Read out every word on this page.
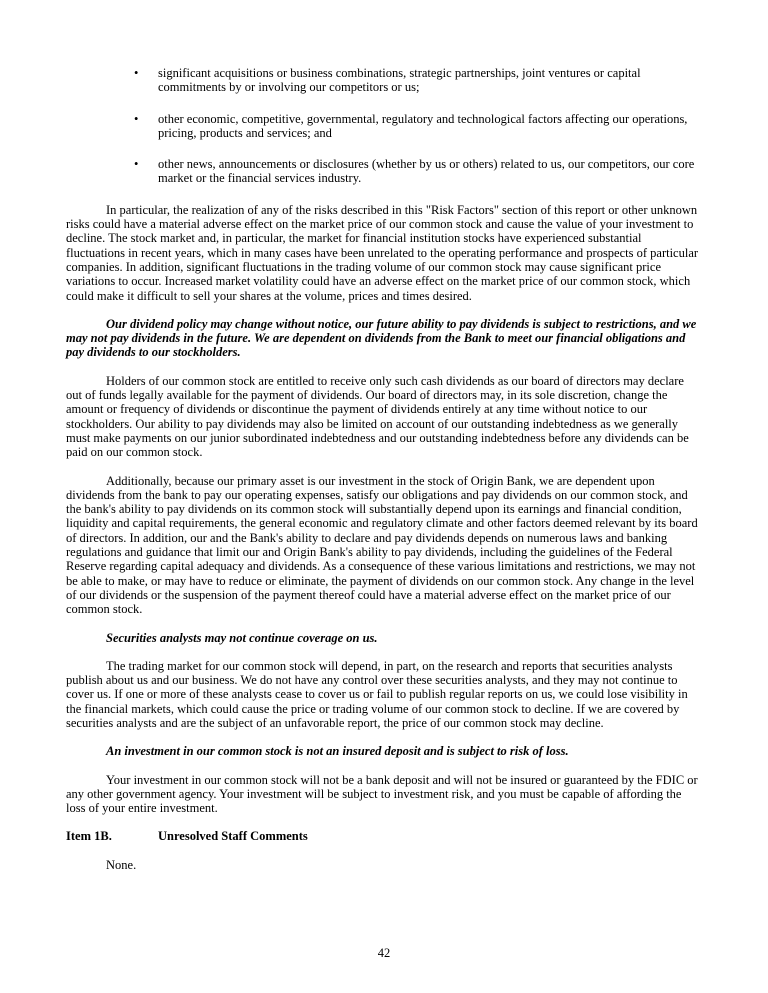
•	significant acquisitions or business combinations, strategic partnerships, joint ventures or capital commitments by or involving our competitors or us;
•	other economic, competitive, governmental, regulatory and technological factors affecting our operations, pricing, products and services; and
•	other news, announcements or disclosures (whether by us or others) related to us, our competitors, our core market or the financial services industry.

In particular, the realization of any of the risks described in this "Risk Factors" section of this report or other unknown risks could have a material adverse effect on the market price of our common stock and cause the value of your investment to decline. The stock market and, in particular, the market for financial institution stocks have experienced substantial fluctuations in recent years, which in many cases have been unrelated to the operating performance and prospects of particular companies. In addition, significant fluctuations in the trading volume of our common stock may cause significant price variations to occur. Increased market volatility could have an adverse effect on the market price of our common stock, which could make it difficult to sell your shares at the volume, prices and times desired.

Our dividend policy may change without notice, our future ability to pay dividends is subject to restrictions, and we may not pay dividends in the future. We are dependent on dividends from the Bank to meet our financial obligations and pay dividends to our stockholders.

Holders of our common stock are entitled to receive only such cash dividends as our board of directors may declare out of funds legally available for the payment of dividends. Our board of directors may, in its sole discretion, change the amount or frequency of dividends or discontinue the payment of dividends entirely at any time without notice to our stockholders. Our ability to pay dividends may also be limited on account of our outstanding indebtedness as we generally must make payments on our junior subordinated indebtedness and our outstanding indebtedness before any dividends can be paid on our common stock.

Additionally, because our primary asset is our investment in the stock of Origin Bank, we are dependent upon dividends from the bank to pay our operating expenses, satisfy our obligations and pay dividends on our common stock, and the bank's ability to pay dividends on its common stock will substantially depend upon its earnings and financial condition, liquidity and capital requirements, the general economic and regulatory climate and other factors deemed relevant by its board of directors. In addition, our and the Bank's ability to declare and pay dividends depends on numerous laws and banking regulations and guidance that limit our and Origin Bank's ability to pay dividends, including the guidelines of the Federal Reserve regarding capital adequacy and dividends. As a consequence of these various limitations and restrictions, we may not be able to make, or may have to reduce or eliminate, the payment of dividends on our common stock. Any change in the level of our dividends or the suspension of the payment thereof could have a material adverse effect on the market price of our common stock.

Securities analysts may not continue coverage on us.

The trading market for our common stock will depend, in part, on the research and reports that securities analysts publish about us and our business. We do not have any control over these securities analysts, and they may not continue to cover us. If one or more of these analysts cease to cover us or fail to publish regular reports on us, we could lose visibility in the financial markets, which could cause the price or trading volume of our common stock to decline. If we are covered by securities analysts and are the subject of an unfavorable report, the price of our common stock may decline.

An investment in our common stock is not an insured deposit and is subject to risk of loss.

Your investment in our common stock will not be a bank deposit and will not be insured or guaranteed by the FDIC or any other government agency. Your investment will be subject to investment risk, and you must be capable of affording the loss of your entire investment.

Item 1B.	Unresolved Staff Comments

None.

42
